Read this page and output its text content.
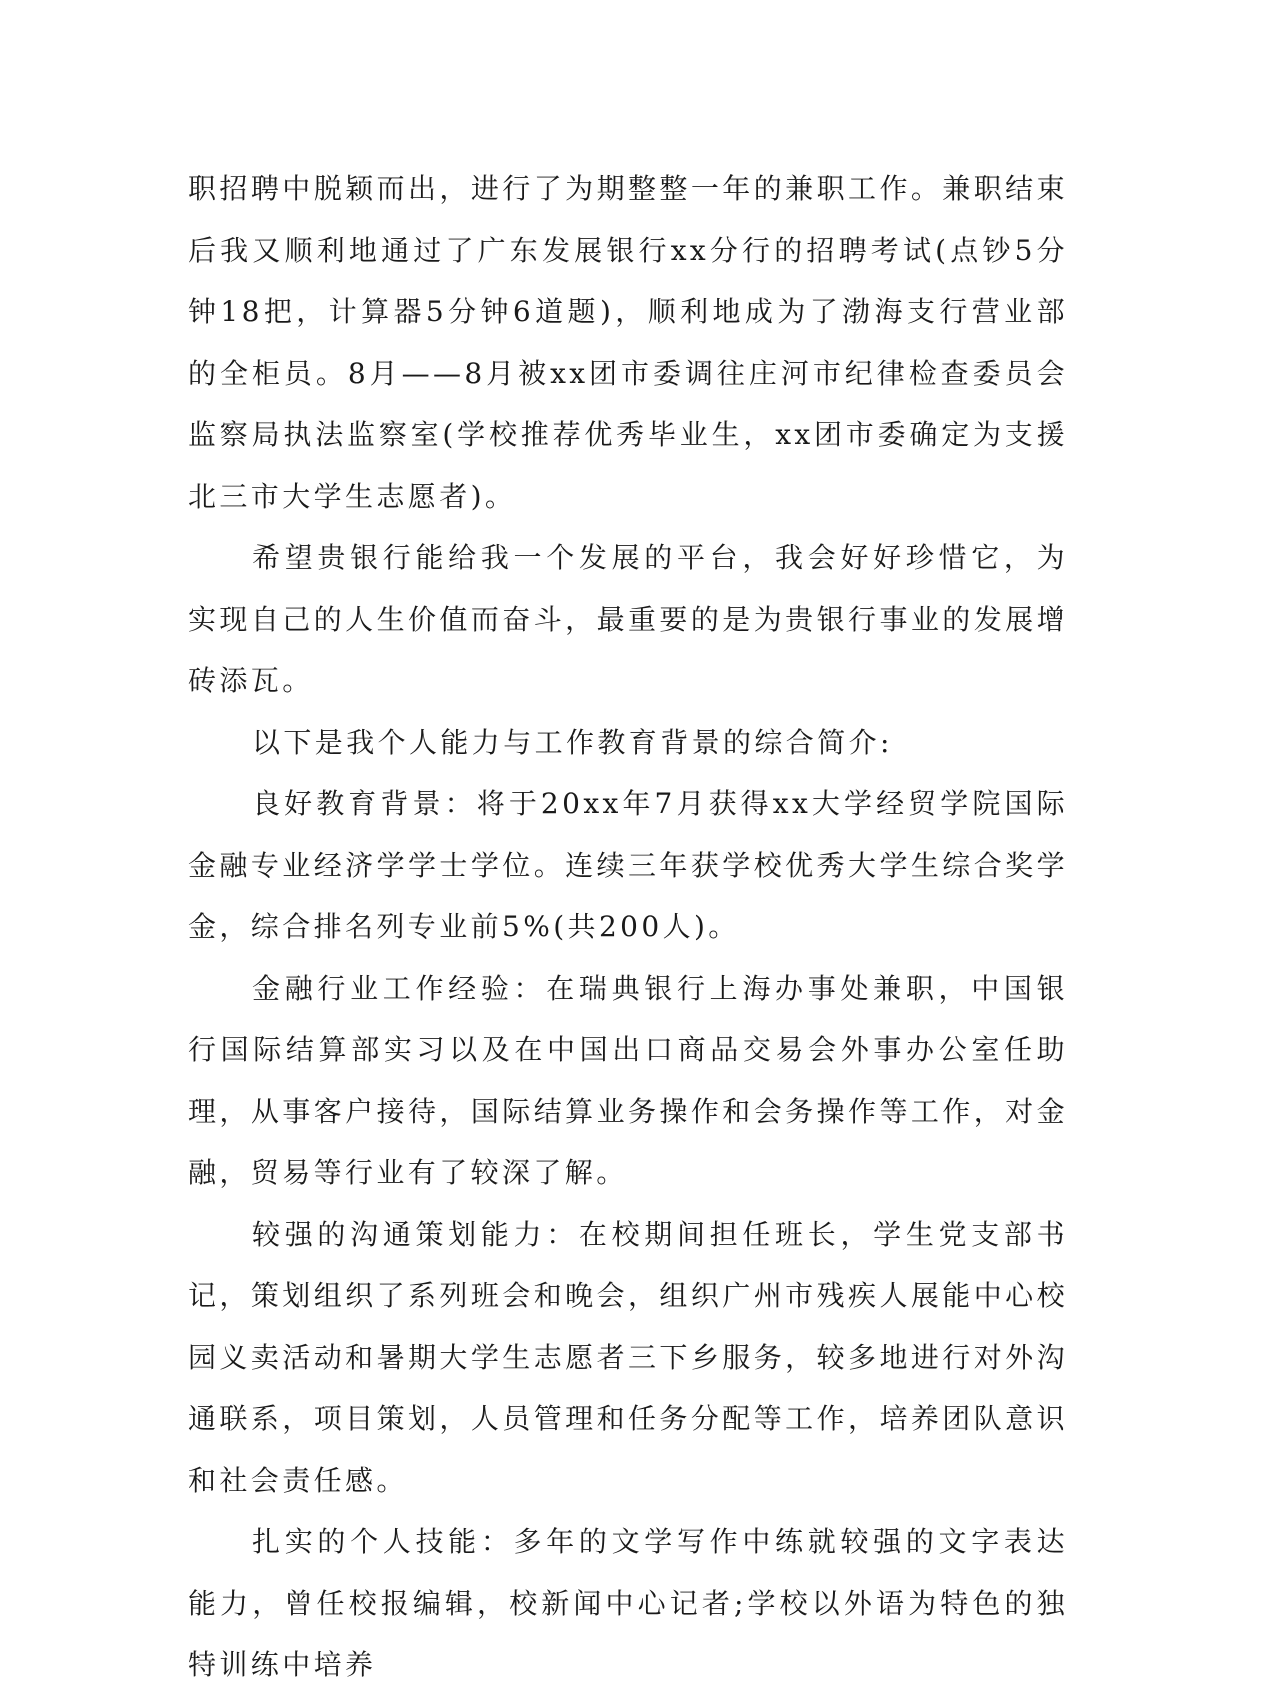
职招聘中脱颖而出，进行了为期整整一年的兼职工作。兼职结束后我又顺利地通过了广东发展银行xx分行的招聘考试(点钞5分钟18把，计算器5分钟6道题)，顺利地成为了渤海支行营业部的全柜员。8月——8月被xx团市委调往庄河市纪律检查委员会监察局执法监察室(学校推荐优秀毕业生，xx团市委确定为支援北三市大学生志愿者)。

希望贵银行能给我一个发展的平台，我会好好珍惜它，为实现自己的人生价值而奋斗，最重要的是为贵银行事业的发展增砖添瓦。

以下是我个人能力与工作教育背景的综合简介:

良好教育背景：将于20xx年7月获得xx大学经贸学院国际金融专业经济学学士学位。连续三年获学校优秀大学生综合奖学金，综合排名列专业前5%(共200人)。

金融行业工作经验：在瑞典银行上海办事处兼职，中国银行国际结算部实习以及在中国出口商品交易会外事办公室任助理，从事客户接待，国际结算业务操作和会务操作等工作，对金融，贸易等行业有了较深了解。

较强的沟通策划能力：在校期间担任班长，学生党支部书记，策划组织了系列班会和晚会，组织广州市残疾人展能中心校园义卖活动和暑期大学生志愿者三下乡服务，较多地进行对外沟通联系，项目策划，人员管理和任务分配等工作，培养团队意识和社会责任感。

扎实的个人技能：多年的文学写作中练就较强的文字表达能力，曾任校报编辑，校新闻中心记者;学校以外语为特色的独特训练中培养
